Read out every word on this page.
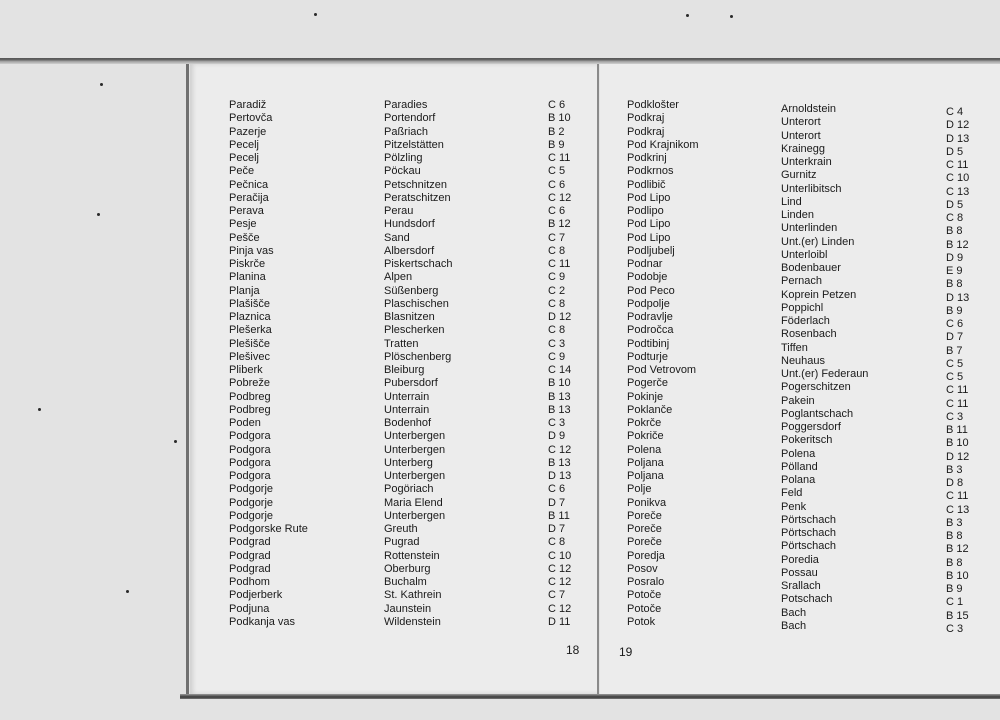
Paradiž
Pertovča
Pazerje
Pecelj
Pecelj
Peče
Pečnica
Peračija
Perava
Pesje
Pešče
Pinja vas
Piskrče
Planina
Planja
Plašišče
Plaznica
Plešerka
Plešišče
Plešivec
Pliberk
Pobreže
Podbreg
Podbreg
Poden
Podgora
Podgora
Podgora
Podgora
Podgorje
Podgorje
Podgorje
Podgorske Rute
Podgrad
Podgrad
Podgrad
Podhom
Podjerberk
Podjuna
Podkanja vas
Paradies
Portendorf
Paßriach
Pitzelstätten
Pölzling
Pöckau
Petschnitzen
Peratschitzen
Perau
Hundsdorf
Sand
Albersdorf
Piskertschach
Alpen
Süßenberg
Plaschischen
Blasnitzen
Plescherken
Tratten
Plöschenberg
Bleiburg
Pubersdorf
Unterrain
Unterrain
Bodenhof
Unterbergen
Unterbergen
Unterberg
Unterbergen
Pogöriach
Maria Elend
Unterbergen
Greuth
Pugrad
Rottenstein
Oberburg
Buchalm
St. Kathrein
Jaunstein
Wildenstein
C 6
B 10
B 2
B 9
C 11
C 5
C 6
C 12
C 6
B 12
C 7
C 8
C 11
C 9
C 2
C 8
D 12
C 8
C 3
C 9
C 14
B 10
B 13
B 13
C 3
D 9
C 12
B 13
D 13
C 6
D 7
B 11
D 7
C 8
C 10
C 12
C 12
C 7
C 12
D 11
Podklošter
Podkraj
Podkraj
Pod Krajnikom
Podkrinj
Podkrnos
Podlibič
Pod Lipo
Podlipo
Pod Lipo
Pod Lipo
Podljubelj
Podnar
Podobje
Pod Peco
Podpolje
Podravlje
Področca
Podtibinj
Podturje
Pod Vetrovom
Pogerče
Pokinje
Poklanče
Pokrče
Pokriče
Polena
Poljana
Poljana
Polje
Ponikva
Poreče
Poreče
Poreče
Poredja
Posov
Posralo
Potoče
Potoče
Potok
Arnoldstein
Unterort
Unterort
Krainegg
Unterkrain
Gurnitz
Unterlibitsch
Lind
Linden
Unterlinden
Unt.(er) Linden
Unterloibl
Bodenbauer
Pernach
Koprein Petzen
Poppichl
Föderlach
Rosenbach
Tiffen
Neuhaus
Unt.(er) Federaun
Pogerschitzen
Pakein
Poglantschach
Poggersdorf
Pokeritsch
Polena
Pölland
Polana
Feld
Penk
Pörtschach
Pörtschach
Pörtschach
Poredia
Possau
Srallach
Potschach
Bach
Bach
C 4
D 12
D 13
D 5
C 11
C 10
C 13
D 5
C 8
B 8
B 12
D 9
E 9
B 8
D 13
B 9
C 6
D 7
B 7
C 5
C 5
C 11
C 11
C 3
B 11
B 10
D 12
B 3
D 8
C 11
C 13
B 3
B 8
B 12
B 8
B 10
B 9
C 1
B 15
C 3
18	19
